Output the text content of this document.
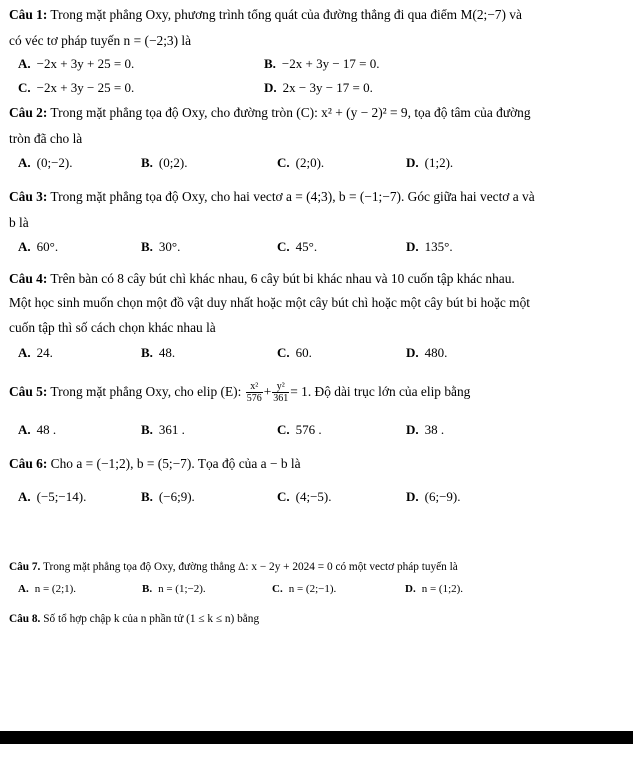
Câu 1: Trong mặt phẳng Oxy, phương trình tổng quát của đường thẳng đi qua điểm M(2;−7) và
có véc tơ pháp tuyến n = (−2;3) là
A. −2x + 3y + 25 = 0.	B. −2x + 3y − 17 = 0.
C. −2x + 3y − 25 = 0.	D. 2x − 3y − 17 = 0.
Câu 2: Trong mặt phẳng tọa độ Oxy, cho đường tròn (C): x² + (y − 2)² = 9, tọa độ tâm của đường
tròn đã cho là
A. (0;−2).	B. (0;2).	C. (2;0).	D. (1;2).
Câu 3: Trong mặt phẳng tọa độ Oxy, cho hai vectơ a = (4;3), b = (−1;−7). Góc giữa hai vectơ a và
b là
A. 60°.	B. 30°.	C. 45°.	D. 135°.
Câu 4: Trên bàn có 8 cây bút chì khác nhau, 6 cây bút bi khác nhau và 10 cuốn tập khác nhau.
Một học sinh muốn chọn một đồ vật duy nhất hoặc một cây bút chì hoặc một cây bút bi hoặc một
cuốn tập thì số cách chọn khác nhau là
A. 24.	B. 48.	C. 60.	D. 480.
Câu 5: Trong mặt phẳng Oxy, cho elip (E): $\frac{\text{x²}}{576} + \frac{\text{y²}}{361} = 1$. Độ dài trục lớn của elip bằng
A. 48 .	B. 361 .	C. 576 .	D. 38 .
Câu 6: Cho a = (−1;2), b = (5;−7). Tọa độ của a − b là
A. (−5;−14).	B. (−6;9).	C. (4;−5).	D. (6;−9).
Câu 7. Trong mặt phẳng tọa độ Oxy, đường thẳng Δ: x − 2y + 2024 = 0 có một vectơ pháp tuyến là
A. n = (2;1).	B. n = (1;−2).	C. n = (2;−1).	D. n = (1;2).
Câu 8. Số tổ hợp chập k của n phần tử (1 ≤ k ≤ n) bằng
